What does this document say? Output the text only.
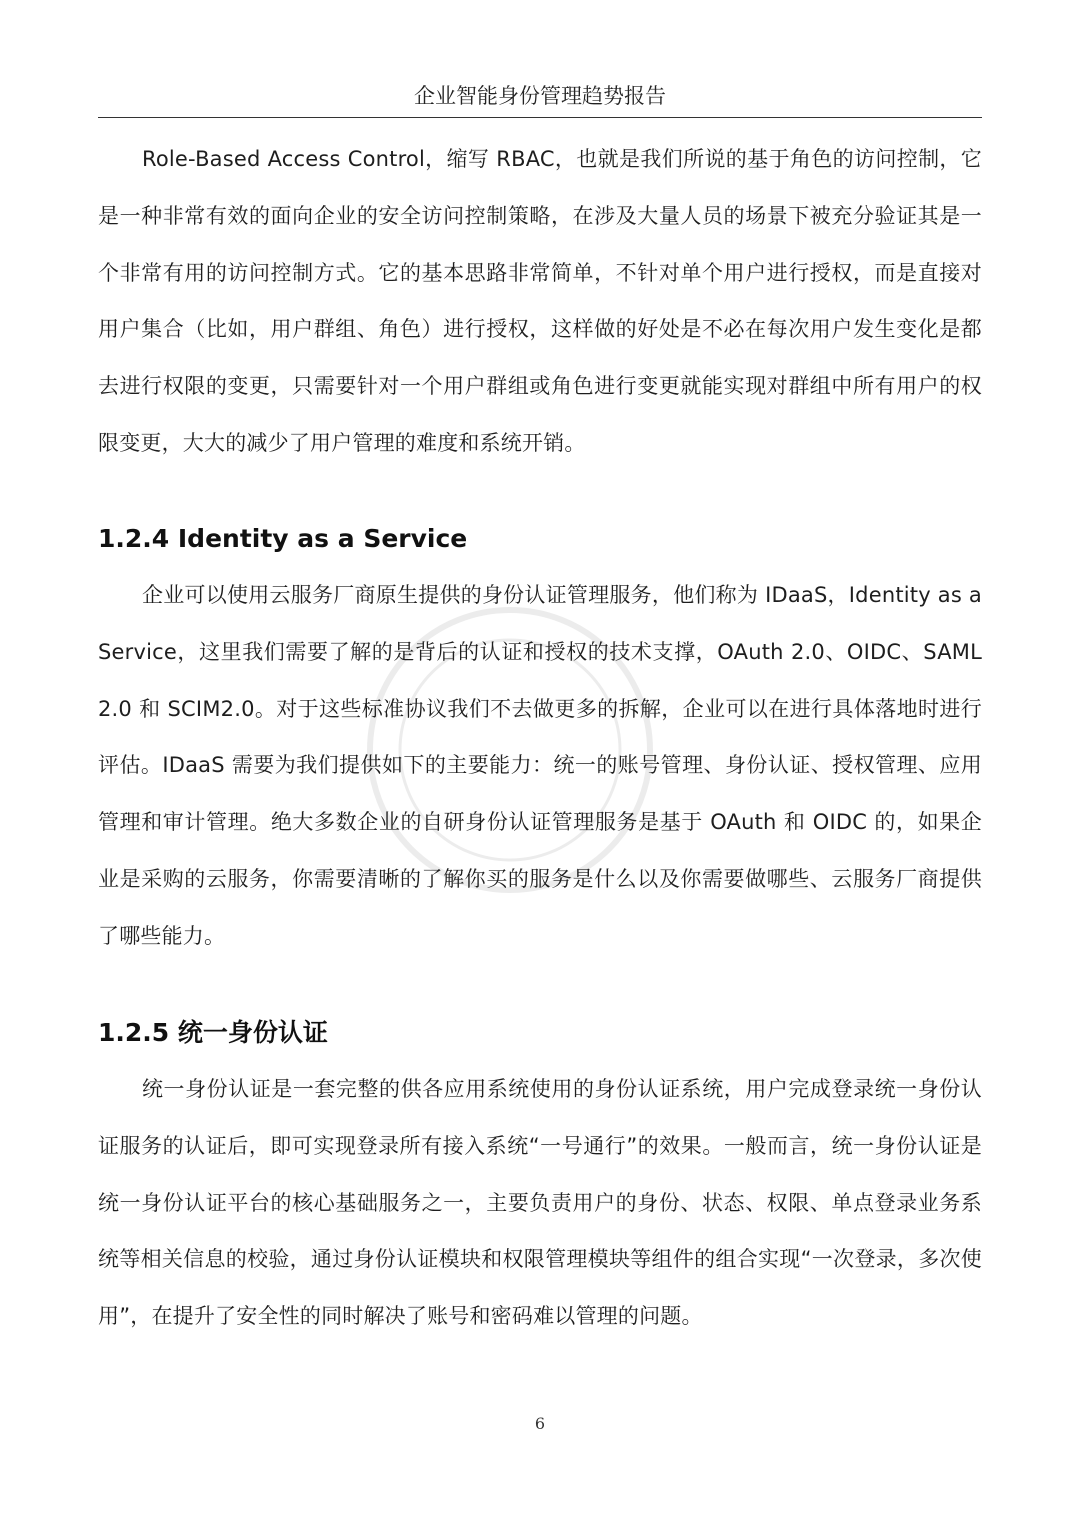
企业智能身份管理趋势报告

Role-Based Access Control，缩写 RBAC，也就是我们所说的基于角色的访问控制，它是一种非常有效的面向企业的安全访问控制策略，在涉及大量人员的场景下被充分验证其是一个非常有用的访问控制方式。它的基本思路非常简单，不针对单个用户进行授权，而是直接对用户集合（比如，用户群组、角色）进行授权，这样做的好处是不必在每次用户发生变化是都去进行权限的变更，只需要针对一个用户群组或角色进行变更就能实现对群组中所有用户的权限变更，大大的减少了用户管理的难度和系统开销。

1.2.4 Identity as a Service

企业可以使用云服务厂商原生提供的身份认证管理服务，他们称为 IDaaS，Identity as a Service，这里我们需要了解的是背后的认证和授权的技术支撑，OAuth 2.0、OIDC、SAML 2.0 和 SCIM2.0。对于这些标准协议我们不去做更多的拆解，企业可以在进行具体落地时进行评估。IDaaS 需要为我们提供如下的主要能力：统一的账号管理、身份认证、授权管理、应用管理和审计管理。绝大多数企业的自研身份认证管理服务是基于 OAuth 和 OIDC 的，如果企业是采购的云服务，你需要清晰的了解你买的服务是什么以及你需要做哪些、云服务厂商提供了哪些能力。

1.2.5 统一身份认证

统一身份认证是一套完整的供各应用系统使用的身份认证系统，用户完成登录统一身份认证服务的认证后，即可实现登录所有接入系统“一号通行”的效果。一般而言，统一身份认证是统一身份认证平台的核心基础服务之一，主要负责用户的身份、状态、权限、单点登录业务系统等相关信息的校验，通过身份认证模块和权限管理模块等组件的组合实现“一次登录，多次使用”，在提升了安全性的同时解决了账号和密码难以管理的问题。

6
